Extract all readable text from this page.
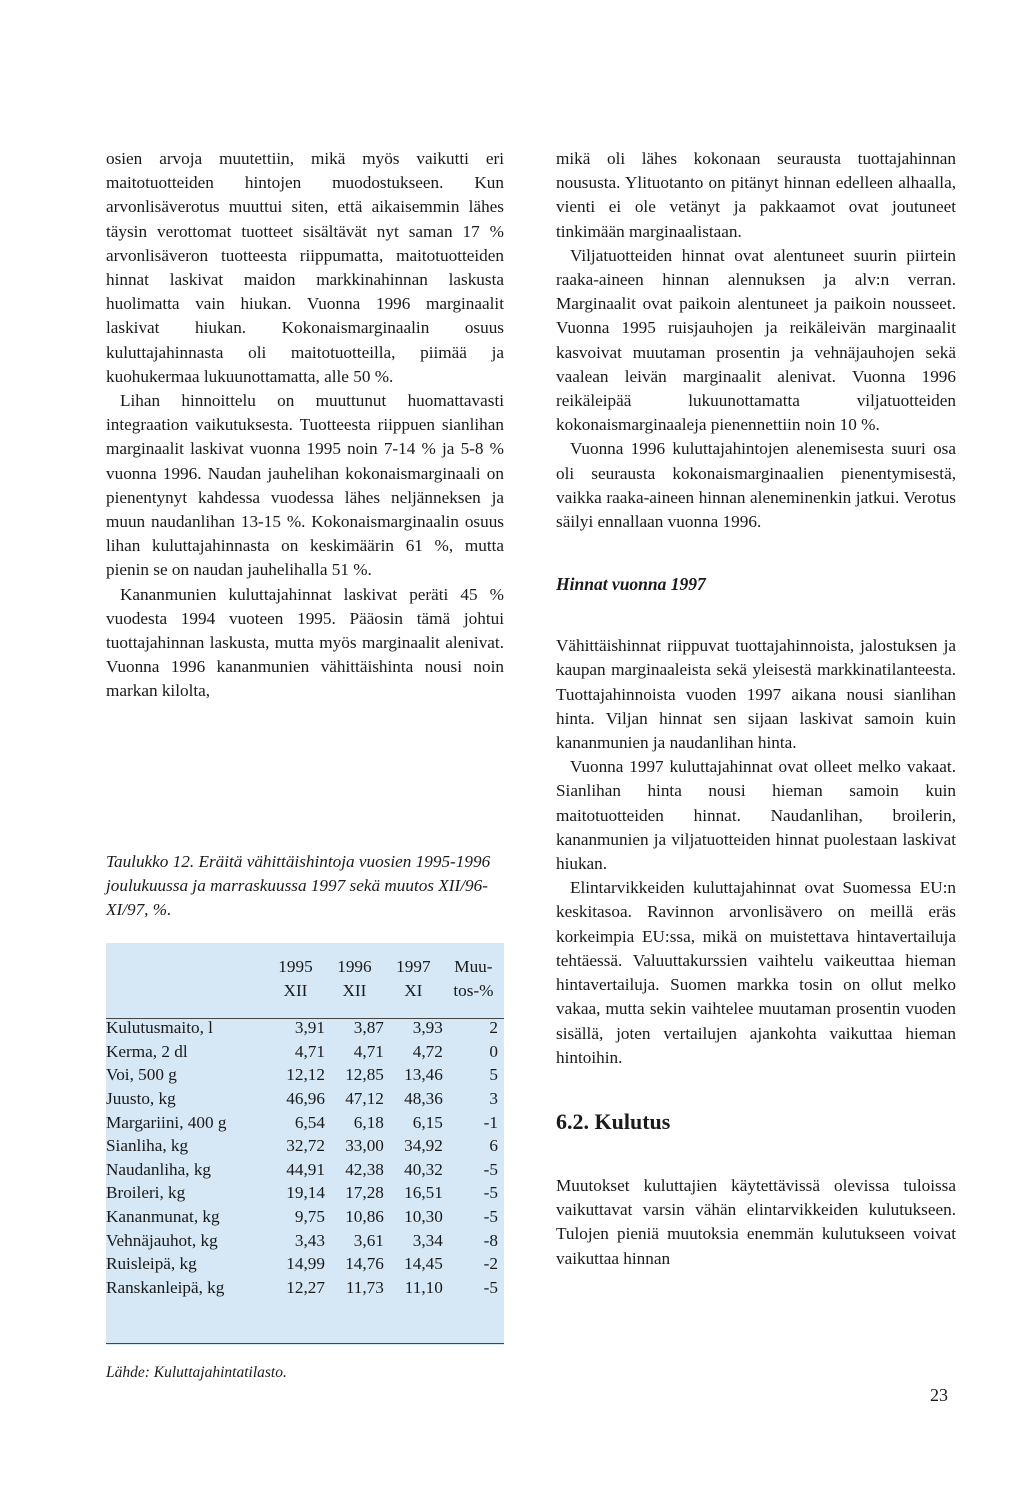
osien arvoja muutettiin, mikä myös vaikutti eri maitotuotteiden hintojen muodostukseen. Kun arvonlisäverotus muuttui siten, että aikaisemmin lähes täysin verottomat tuotteet sisältävät nyt saman 17 % arvonlisäveron tuotteesta riippumatta, maitotuotteiden hinnat laskivat maidon markkinahinnan laskusta huolimatta vain hiukan. Vuonna 1996 marginaalit laskivat hiukan. Kokonaismarginaalin osuus kuluttajahinnasta oli maitotuotteilla, piimää ja kuohukermaa lukuunottamatta, alle 50 %.

Lihan hinnoittelu on muuttunut huomattavasti integraation vaikutuksesta. Tuotteesta riippuen sianlihan marginaalit laskivat vuonna 1995 noin 7-14 % ja 5-8 % vuonna 1996. Naudan jauhelihan kokonaismarginaali on pienentynyt kahdessa vuodessa lähes neljänneksen ja muun naudanlihan 13-15 %. Kokonaismarginaalin osuus lihan kuluttajahinnasta on keskimäärin 61 %, mutta pienin se on naudan jauhelihalla 51 %.

Kananmunien kuluttajahinnat laskivat peräti 45 % vuodesta 1994 vuoteen 1995. Pääosin tämä johtui tuottajahinnan laskusta, mutta myös marginaalit alenivat. Vuonna 1996 kananmunien vähittäishinta nousi noin markan kilolta,

Taulukko 12. Eräitä vähittäishintoja vuosien 1995-1996 joulukuussa ja marraskuussa 1997 sekä muutos XII/96-XI/97, %.

	1995	1996	1997	Muu-
	XII	XII	XI	tos-%

Kulutusmaito, l	3,91	3,87	3,93	2
Kerma, 2 dl	4,71	4,71	4,72	0
Voi, 500 g	12,12	12,85	13,46	5
Juusto, kg	46,96	47,12	48,36	3
Margariini, 400 g	6,54	6,18	6,15	-1
Sianliha, kg	32,72	33,00	34,92	6
Naudanliha, kg	44,91	42,38	40,32	-5
Broileri, kg	19,14	17,28	16,51	-5
Kananmunat, kg	9,75	10,86	10,30	-5
Vehnäjauhot, kg	3,43	3,61	3,34	-8
Ruisleipä, kg	14,99	14,76	14,45	-2
Ranskanleipä, kg	12,27	11,73	11,10	-5

Lähde: Kuluttajahintatilasto.

mikä oli lähes kokonaan seurausta tuottajahinnan noususta. Ylituotanto on pitänyt hinnan edelleen alhaalla, vienti ei ole vetänyt ja pakkaamot ovat joutuneet tinkimään marginaalistaan.

Viljatuotteiden hinnat ovat alentuneet suurin piirtein raaka-aineen hinnan alennuksen ja alv:n verran. Marginaalit ovat paikoin alentuneet ja paikoin nousseet. Vuonna 1995 ruisjauhojen ja reikäleivän marginaalit kasvoivat muutaman prosentin ja vehnäjauhojen sekä vaalean leivän marginaalit alenivat. Vuonna 1996 reikäleipää lukuunottamatta viljatuotteiden kokonaismarginaaleja pienennettiin noin 10 %.

Vuonna 1996 kuluttajahintojen alenemisesta suuri osa oli seurausta kokonaismarginaalien pienentymisestä, vaikka raaka-aineen hinnan aleneminenkin jatkui. Verotus säilyi ennallaan vuonna 1996.

Hinnat vuonna 1997

Vähittäishinnat riippuvat tuottajahinnoista, jalostuksen ja kaupan marginaaleista sekä yleisestä markkinatilanteesta. Tuottajahinnoista vuoden 1997 aikana nousi sianlihan hinta. Viljan hinnat sen sijaan laskivat samoin kuin kananmunien ja naudanlihan hinta.

Vuonna 1997 kuluttajahinnat ovat olleet melko vakaat. Sianlihan hinta nousi hieman samoin kuin maitotuotteiden hinnat. Naudanlihan, broilerin, kananmunien ja viljatuotteiden hinnat puolestaan laskivat hiukan.

Elintarvikkeiden kuluttajahinnat ovat Suomessa EU:n keskitasoa. Ravinnon arvonlisävero on meillä eräs korkeimpia EU:ssa, mikä on muistettava hintavertailuja tehtäessä. Valuuttakurssien vaihtelu vaikeuttaa hieman hintavertailuja. Suomen markka tosin on ollut melko vakaa, mutta sekin vaihtelee muutaman prosentin vuoden sisällä, joten vertailujen ajankohta vaikuttaa hieman hintoihin.

6.2. Kulutus

Muutokset kuluttajien käytettävissä olevissa tuloissa vaikuttavat varsin vähän elintarvikkeiden kulutukseen. Tulojen pieniä muutoksia enemmän kulutukseen voivat vaikuttaa hinnan

23
